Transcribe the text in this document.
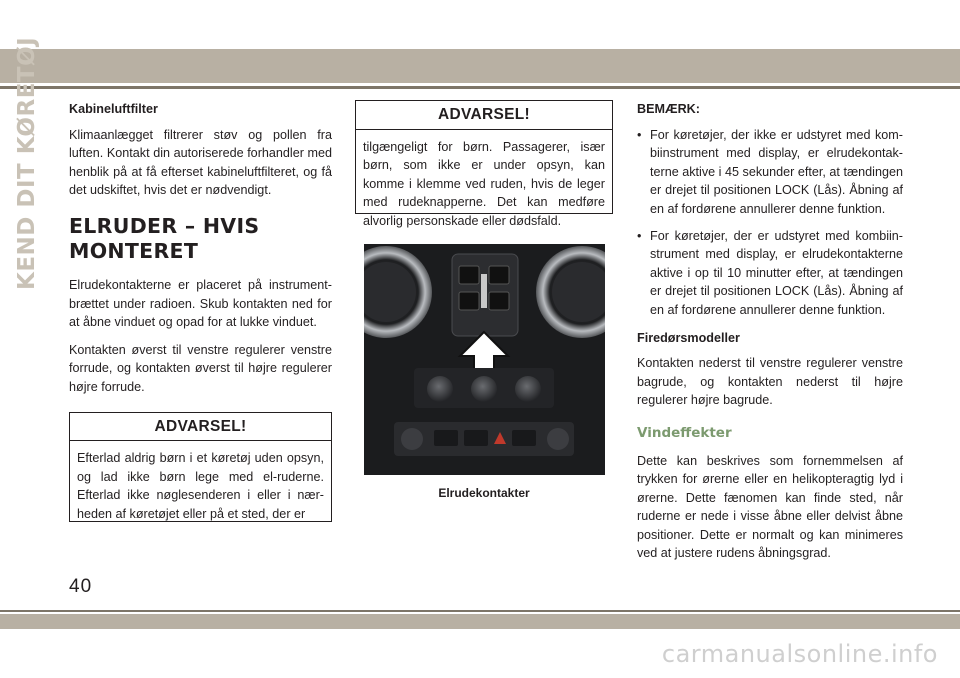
KEND DIT KØRETØJ Kabineluftfilter

Klimaanlægget filtrerer støv og pollen fra luften. Kontakt din autoriserede forhandler med henblik på at få efterset kabineluftfilteret, og få det udskiftet, hvis det er nødvendigt.

ELRUDER – HVIS
MONTERET

Elrudekontakterne er placeret på instrumentbrættet under radioen. Skub kontakten ned for at åbne vinduet og opad for at lukke vinduet.

Kontakten øverst til venstre regulerer venstre forrude, og kontakten øverst til højre regulerer højre forrude.

ADVARSEL!
Efterlad aldrig børn i et køretøj uden opsyn, og lad ikke børn lege med el-ruderne. Efterlad ikke nøglesenderen i eller i nærheden af køretøjet eller på et sted, der er
ADVARSEL!
tilgængeligt for børn. Passagerer, især børn, som ikke er under opsyn, kan komme i klemme ved ruden, hvis de leger med rudeknapperne. Det kan medføre alvorlig personskade eller dødsfald.
Elrudekontakter
BEMÆRK:
• For køretøjer, der ikke er udstyret med kombiinstrument med display, er elrudekontakterne aktive i 45 sekunder efter, at tændingen er drejet til positionen LOCK (Lås). Åbning af en af fordørene annullerer denne funktion.
• For køretøjer, der er udstyret med kombiinstrument med display, er elrudekontakterne aktive i op til 10 minutter efter, at tændingen er drejet til positionen LOCK (Lås). Åbning af en af fordørene annullerer denne funktion.
Firedørsmodeller

Kontakten nederst til venstre regulerer venstre bagrude, og kontakten nederst til højre regulerer højre bagrude.

Vindeffekter

Dette kan beskrives som fornemmelsen af trykken for ørerne eller en helikopteragtig lyd i ørerne. Dette fænomen kan finde sted, når ruderne er nede i visse åbne eller delvist åbne positioner. Dette er normalt og kan minimeres ved at justere rudens åbningsgrad.

40
carmanualsonline.info
